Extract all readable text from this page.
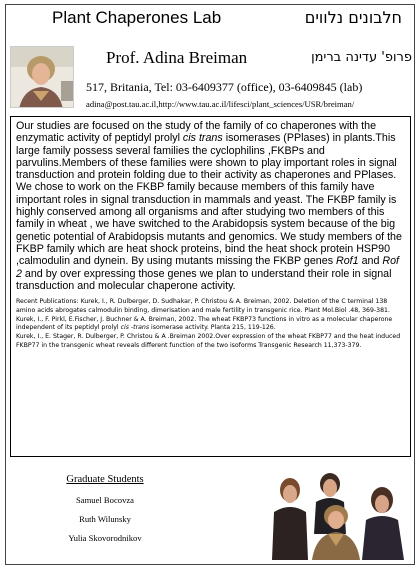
Plant Chaperones Lab	חלבונים נלווים
Prof. Adina Breiman	פרופ' עדינה ברימן
517, Britania, Tel: 03-6409377 (office), 03-6409845 (lab)
adina@post.tau.ac.il,http://www.tau.ac.il/lifesci/plant_sciences/USR/breiman/
Our studies are focused on the study of the family of co chaperones with the enzymatic activity of peptidyl prolyl cis trans isomerases (PPlases) in plants.This large family possess several families the cyclophilins ,FKBPs and parvulins.Members of these families were shown to play important roles in signal transduction and protein folding due to their activity as chaperones and PPlases. We chose to work on the FKBP family because members of this family have important roles in signal transduction in mammals and yeast. The FKBP family is highly conserved among all organisms and after studying two members of this family in wheat , we have switched to the Arabidopsis system because of the big genetic potential of Arabidopsis mutants and genomics. We study members of the FKBP family which are heat shock proteins, bind the heat shock protein HSP90 ,calmodulin and dynein. By using mutants missing the FKBP genes Rof1 and Rof 2 and by over expressing those genes we plan to understand their role in signal transduction and molecular chaperone activity.

Recent Publications: Kurek, I., R. Dulberger, D. Sudhakar, P. Christou & A. Breiman, 2002. Deletion of the C terminal 138 amino acids abrogates calmodulin binding, dimerisation and male fertility in transgenic rice. Plant Mol.Biol .48, 369-381.

Kurek, I., F. Pirkl, E.Fischer, J. Buchner & A. Breiman, 2002. The wheat FKBP73 functions in vitro as a molecular chaperone independent of its peptidyl prolyl cis -trans isomerase activity. Planta 215, 119-126.

Kurek, I., E. Stager, R. Dulberger, P. Christou & A .Breiman 2002.Over expression of the wheat FKBP77 and the heat induced FKBP77 in the transgenic wheat reveals different function of the two isoforms Transgenic Research 11,373-379.

Graduate Students
Samuel Bocovza
Ruth Wilunsky
Yulia Skovorodnikov
